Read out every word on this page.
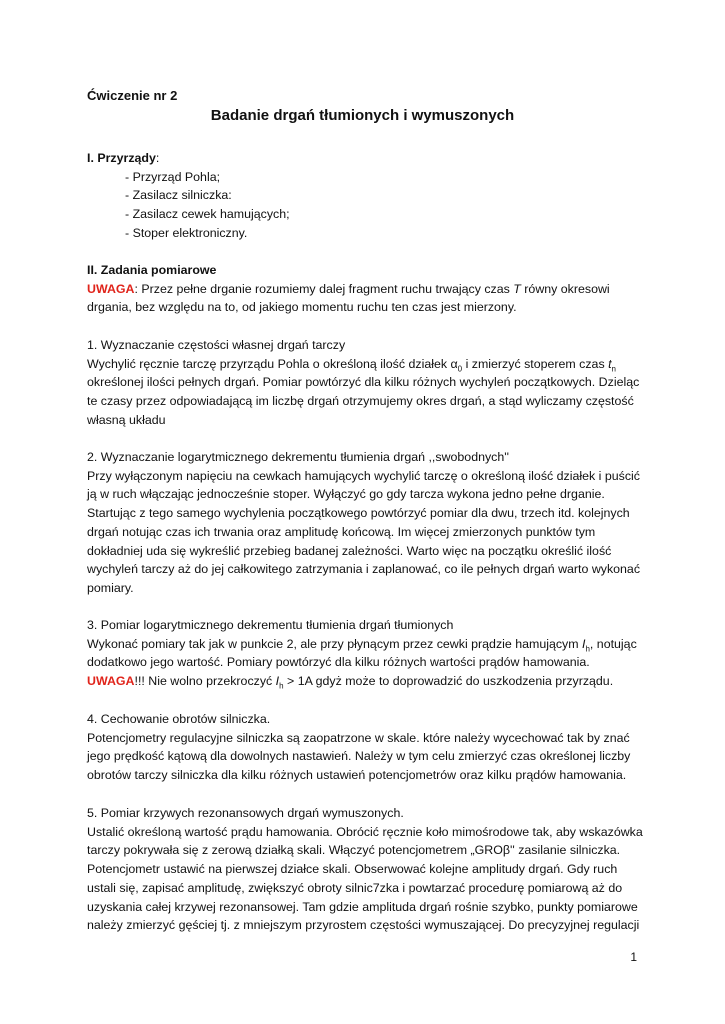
Ćwiczenie nr 2
Badanie drgań tłumionych i wymuszonych
I. Przyrządy:
- Przyrząd Pohla;
- Zasilacz silniczka:
- Zasilacz cewek hamujących;
- Stoper elektroniczny.
II. Zadania pomiarowe
UWAGA: Przez pełne drganie rozumiemy dalej fragment ruchu trwający czas T równy okresowi
drgania, bez względu na to, od jakiego momentu ruchu ten czas jest mierzony.
1. Wyznaczanie częstości własnej drgań tarczy
Wychylić ręcznie tarczę przyrządu Pohla o określoną ilość działek $\alpha_0$ i zmierzyć stoperem czas $t_n$
określonej ilości pełnych drgań. Pomiar powtórzyć dla kilku różnych wychyleń początkowych. Dzieląc
te czasy przez odpowiadającą im liczbę drgań otrzymujemy okres drgań, a stąd wyliczamy częstość
własną układu
2. Wyznaczanie logarytmicznego dekrementu tłumienia drgań ,,swobodnych''
Przy wyłączonym napięciu na cewkach hamujących wychylić tarczę o określoną ilość działek i puścić
ją w ruch włączając jednocześnie stoper. Wyłączyć go gdy tarcza wykona jedno pełne drganie.
Startując z tego samego wychylenia początkowego powtórzyć pomiar dla dwu, trzech itd. kolejnych
drgań notując czas ich trwania oraz amplitudę końcową. Im więcej zmierzonych punktów tym
dokładniej uda się wykreślić przebieg badanej zależności. Warto więc na początku określić ilość
wychyleń tarczy aż do jej całkowitego zatrzymania i zaplanować, co ile pełnych drgań warto wykonać
pomiary.
3. Pomiar logarytmicznego dekrementu tłumienia drgań tłumionych
Wykonać pomiary tak jak w punkcie 2, ale przy płynącym przez cewki prądzie hamującym $I_h$, notując
dodatkowo jego wartość. Pomiary powtórzyć dla kilku różnych wartości prądów hamowania.
UWAGA!!! Nie wolno przekroczyć $I_h > 1A$ gdyż może to doprowadzić do uszkodzenia przyrządu.
4. Cechowanie obrotów silniczka.
Potencjometry regulacyjne silniczka są zaopatrzone w skale. które należy wycechować tak by znać
jego prędkość kątową dla dowolnych nastawień. Należy w tym celu zmierzyć czas określonej liczby
obrotów tarczy silniczka dla kilku różnych ustawień potencjometrów oraz kilku prądów hamowania.
5. Pomiar krzywych rezonansowych drgań wymuszonych.
Ustalić określoną wartość prądu hamowania. Obrócić ręcznie koło mimośrodowe tak, aby wskazówka
tarczy pokrywała się z zerową działką skali. Włączyć potencjometrem „GROβ'' zasilanie silniczka.
Potencjometr ustawić na pierwszej działce skali. Obserwować kolejne amplitudy drgań. Gdy ruch
ustali się, zapisać amplitudę, zwiększyć obroty silnic7zka i powtarzać procedurę pomiarową aż do
uzyskania całej krzywej rezonansowej. Tam gdzie amplituda drgań rośnie szybko, punkty pomiarowe
należy zmierzyć gęściej tj. z mniejszym przyrostem częstości wymuszającej. Do precyzyjnej regulacji
1
